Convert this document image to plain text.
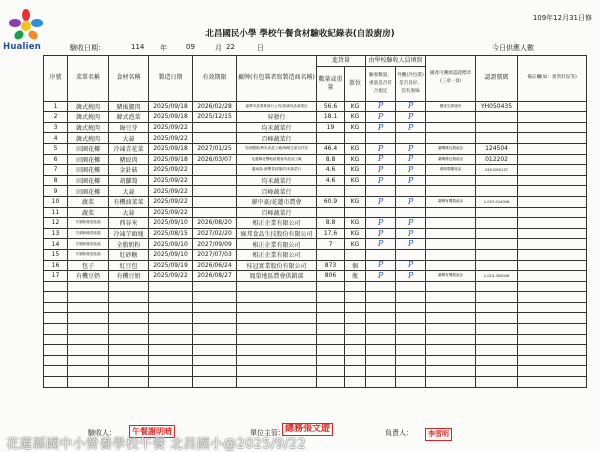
Hualien
109年12月31日修
北昌國民小學 學校午餐食材驗收紀錄表(自設廚房)
驗收日期：	114 年	09	月 22	日	今日供應人數
序號	菜單名稱	食材名稱	製造日期	有效期限	廠牌(有包裝者寫製造商名稱)	進貨量		由學校驗收人員填寫		國產可溯源認證標章(三章一Q)	認證號碼	備註欄(如：異常狀況等)
						數量或重量	單位	驗收數量、重量是否符合規定	外觀(冷包裝)是否良好、沒有異味			
1	韓式燒肉	豬後腿肉	2025/09/18	2026/02/28	福華肉品專業商行公司/高豬肉品商業社	56.6	KG	P	P	國產生鮮豬肉	YH050435	
2	韓式燒肉	韓式泡菜	2025/09/18	2025/12/15	昇發行	18.1	KG	P	P			
3	韓式燒肉	綠豆芽	2025/09/22		均禾蔬菜行	19	KG	P	P			
4	韓式燒肉	大蒜	2025/09/22		百峰蔬菜行							
5	田園花椰	冷凍青花菜	2025/09/18	2027/01/25	安庭國際/利禾食品工廠/海晴生產合作社	46.4	KG	P	P	臺灣優良農產品	124504	
6	田園花椰	豬絞肉	2025/09/18	2026/03/07	花蓮縣北豐地區農會肉品加工廠	8.8	KG	P	P	臺灣優良農產品	012202	
7	田園花椰	金針菇	2025/09/22		鑫東晶-新豐香菇場/均禾蔬菜行	4.6	KG	P	P	溯源農糧產品	0401000137	
8	田園花椰	胡蘿蔔	2025/09/22		均禾蔬菜行	4.6	KG	P	P			
9	田園花椰	大蒜	2025/09/22		百峰蔬菜行							
10	蔬菜	有機油菜菜	2025/09/22		廖中豪/花蓮市農會	60.9	KG	P	P	臺灣有機農產品	1-007-014006	
11	蔬菜	大蒜	2025/09/22		百峰蔬菜行							
12	芋頭粉條香菇湯	西谷米	2025/09/10	2026/08/20	相正企業有限公司	8.8	KG	P	P			
13	芋頭粉條香菇湯	冷凍芋頭塊	2025/08/15	2027/02/20	綠邦食品生技股份有限公司	17.6	KG	P	P			
14	芋頭粉條香菇湯	全脂奶粉	2025/09/10	2027/09/09	相正企業有限公司	7	KG	P	P			
15	芋頭粉條香菇湯	紅砂糖	2025/09/10	2027/07/03	相正企業有限公司							
16	包子	紅豆包	2025/09/19	2026/06/24	桂冠實業股份有限公司	873	個	P	P			
17	有機豆奶	有機豆奶	2025/09/22	2026/08/27	鳳榮地區農會供銷部	806	瓶	P	P	臺灣有機農產品	1-010-300008	

驗收人：	單位主管：	負責人：
午餐謝明晴	總務張文遊	李雪明
花蓮縣國中小營養學校午餐 北昌國小@2025/9/22
